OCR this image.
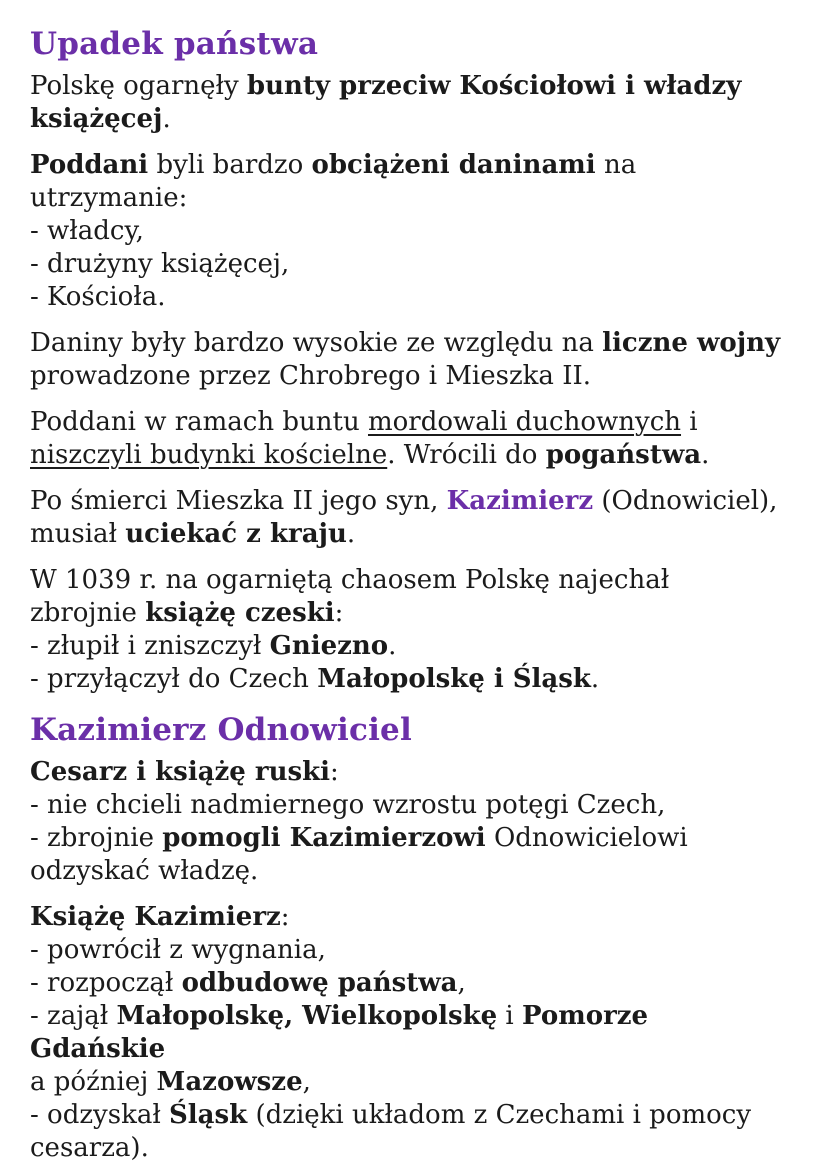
Upadek państwa
Polskę ogarnęły bunty przeciw Kościołowi i władzy
książęcej.
Poddani byli bardzo obciążeni daninami na
utrzymanie:
- władcy,
- drużyny książęcej,
- Kościoła.
Daniny były bardzo wysokie ze względu na liczne wojny
prowadzone przez Chrobrego i Mieszka II.
Poddani w ramach buntu mordowali duchownych i
niszczyli budynki kościelne. Wrócili do pogaństwa.
Po śmierci Mieszka II jego syn, Kazimierz (Odnowiciel),
musiał uciekać z kraju.
W 1039 r. na ogarniętą chaosem Polskę najechał
zbrojnie książę czeski:
- złupił i zniszczył Gniezno.
- przyłączył do Czech Małopolskę i Śląsk.
Kazimierz Odnowiciel
Cesarz i książę ruski:
- nie chcieli nadmiernego wzrostu potęgi Czech,
- zbrojnie pomogli Kazimierzowi Odnowicielowi
odzyskać władzę.
Książę Kazimierz:
- powrócił z wygnania,
- rozpoczął odbudowę państwa,
- zajął Małopolskę, Wielkopolskę i Pomorze Gdańskie
a później Mazowsze,
- odzyskał Śląsk (dzięki układom z Czechami i pomocy
cesarza).
